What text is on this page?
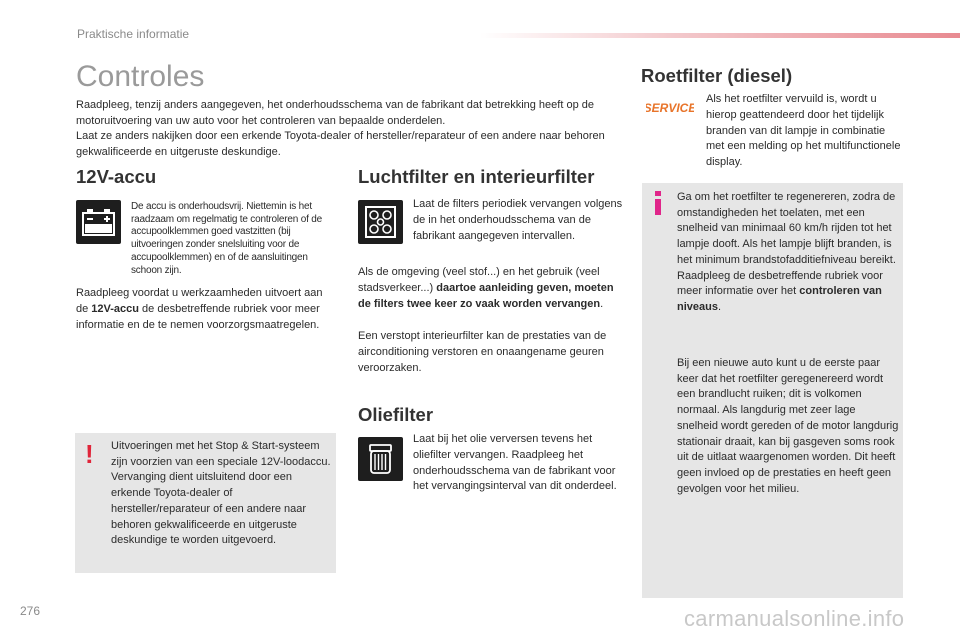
Praktische informatie
Controles

Raadpleeg, tenzij anders aangegeven, het onderhoudsschema van de fabrikant dat betrekking heeft op de motoruitvoering van uw auto voor het controleren van bepaalde onderdelen.

Laat ze anders nakijken door een erkende Toyota-dealer of hersteller/reparateur of een andere naar behoren gekwalificeerde en uitgeruste deskundige.

12V-accu
De accu is onderhoudsvrij. Niettemin is het raadzaam om regelmatig te controleren of de accupoolklemmen goed vastzitten (bij uitvoeringen zonder snelsluiting voor de accupoolklemmen) en of de aansluitingen schoon zijn.
Raadpleeg voordat u werkzaamheden uitvoert aan de 12V-accu de desbetreffende rubriek voor meer informatie en de te nemen voorzorgsmaatregelen.
! Uitvoeringen met het Stop & Start-systeem zijn voorzien van een speciale 12V-loodaccu. Vervanging dient uitsluitend door een erkende Toyota-dealer of hersteller/reparateur of een andere naar behoren gekwalificeerde en uitgeruste deskundige te worden uitgevoerd.
Luchtfilter en interieurfilter
Laat de filters periodiek vervangen volgens de in het onderhoudsschema van de fabrikant aangegeven intervallen.
Als de omgeving (veel stof...) en het gebruik (veel stadsverkeer...) daartoe aanleiding geven, moeten de filters twee keer zo vaak worden vervangen.
Een verstopt interieurfilter kan de prestaties van de airconditioning verstoren en onaangename geuren veroorzaken.
Oliefilter
Laat bij het olie verversen tevens het oliefilter vervangen. Raadpleeg het onderhoudsschema van de fabrikant voor het vervangingsinterval van dit onderdeel.
Roetfilter (diesel)
SERVICE
Als het roetfilter vervuild is, wordt u hierop geattendeerd door het tijdelijk branden van dit lampje in combinatie met een melding op het multifunctionele display.
Ga om het roetfilter te regenereren, zodra de omstandigheden het toelaten, met een snelheid van minimaal 60 km/h rijden tot het lampje dooft. Als het lampje blijft branden, is het minimum brandstofadditiefniveau bereikt. Raadpleeg de desbetreffende rubriek voor meer informatie over het controleren van niveaus.
Bij een nieuwe auto kunt u de eerste paar keer dat het roetfilter geregenereerd wordt een brandlucht ruiken; dit is volkomen normaal. Als langdurig met zeer lage snelheid wordt gereden of de motor langdurig stationair draait, kan bij gasgeven soms rook uit de uitlaat waargenomen worden. Dit heeft geen invloed op de prestaties en heeft geen gevolgen voor het milieu.
276	carmanualsonline.info
